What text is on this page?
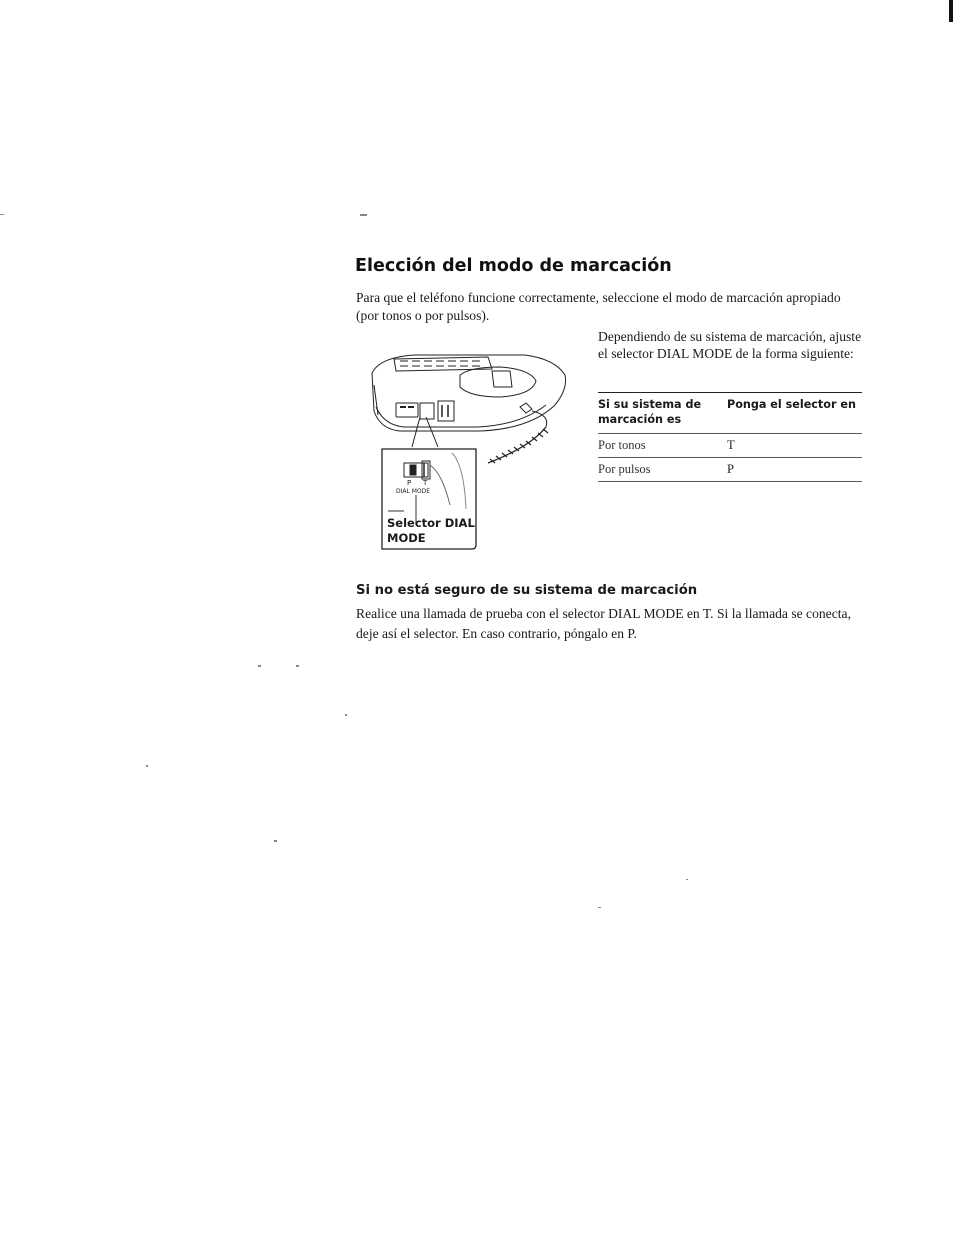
Elección del modo de marcación
Para que el teléfono funcione correctamente, seleccione el modo de marcación apropiado (por tonos o por pulsos).
Dependiendo de su sistema de marcación, ajuste el selector DIAL MODE de la forma siguiente:
Si su sistema de marcación es
Ponga el selector en
Por tonos	T
Por pulsos	P
P T
DIAL MODE
Selector DIAL MODE
Si no está seguro de su sistema de marcación
Realice una llamada de prueba con el selector DIAL MODE en T. Si la llamada se conecta, deje así el selector. En caso contrario, póngalo en P.
